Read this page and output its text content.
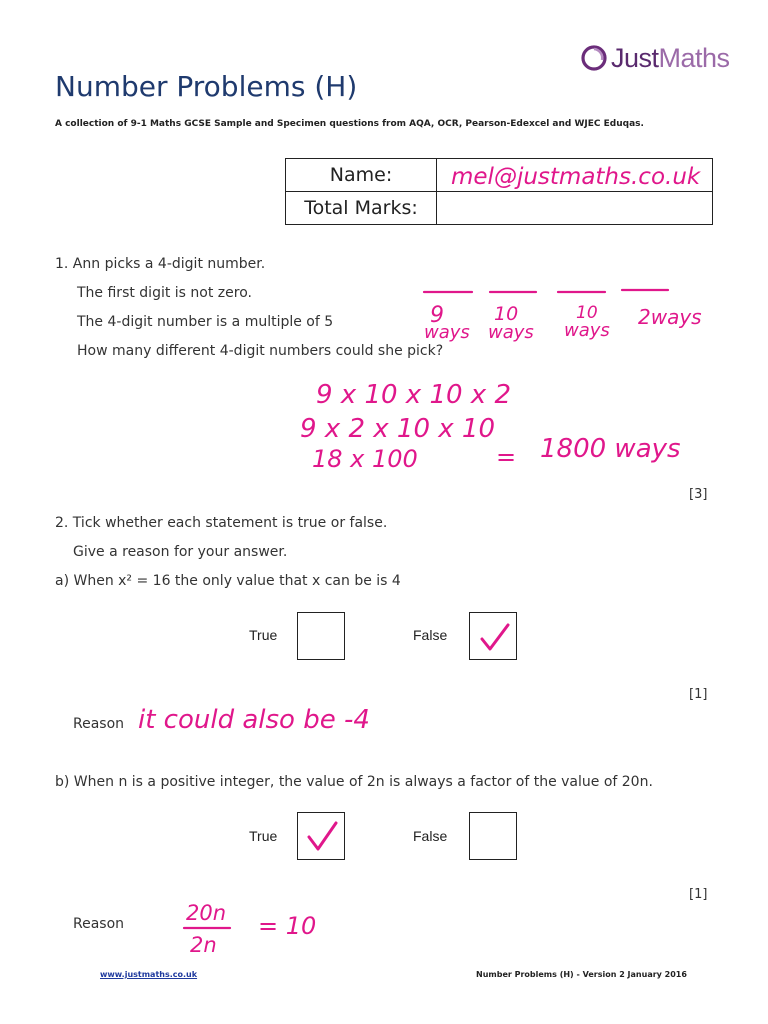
JustMaths
Number Problems (H)
A collection of 9-1 Maths GCSE Sample and Specimen questions from AQA, OCR, Pearson-Edexcel and WJEC Eduqas.
Name:	mel@justmaths.co.uk

Total Marks:	
1. Ann picks a 4-digit number.
The first digit is not zero.
The 4-digit number is a multiple of 5
How many different 4-digit numbers could she pick?
9
ways
10
ways
10
ways
2ways
9 x 10 x 10 x 2
9 x 2 x 10 x 10
18 x 100	= 1800 ways
[3]
2. Tick whether each statement is true or false.
Give a reason for your answer.
a) When x² = 16 the only value that x can be is 4
True	False
[1]
Reason it could also be -4
b) When n is a positive integer, the value of 2n is always a factor of the value of 20n.
True	False
[1]
Reason	20n
2n
= 10
www.justmaths.co.uk	Number Problems (H) - Version 2 January 2016
